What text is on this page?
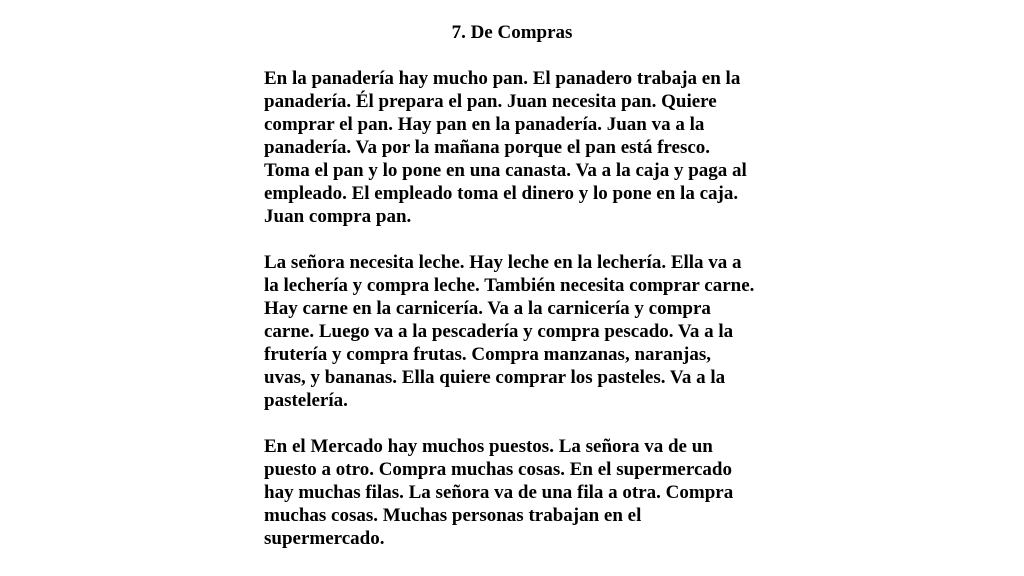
7. De Compras

En la panadería hay mucho pan. El panadero trabaja en la
panadería. Él prepara el pan. Juan necesita pan. Quiere
comprar el pan. Hay pan en la panadería. Juan va a la
panadería. Va por la mañana porque el pan está fresco.
Toma el pan y lo pone en una canasta. Va a la caja y paga al
empleado. El empleado toma el dinero y lo pone en la caja.
Juan compra pan.

La señora necesita leche. Hay leche en la lechería. Ella va a
la lechería y compra leche. También necesita comprar carne.
Hay carne en la carnicería. Va a la carnicería y compra
carne. Luego va a la pescadería y compra pescado. Va a la
frutería y compra frutas. Compra manzanas, naranjas,
uvas, y bananas. Ella quiere comprar los pasteles. Va a la
pastelería.

En el Mercado hay muchos puestos. La señora va de un
puesto a otro. Compra muchas cosas. En el supermercado
hay muchas filas. La señora va de una fila a otra. Compra
muchas cosas. Muchas personas trabajan en el
supermercado.
